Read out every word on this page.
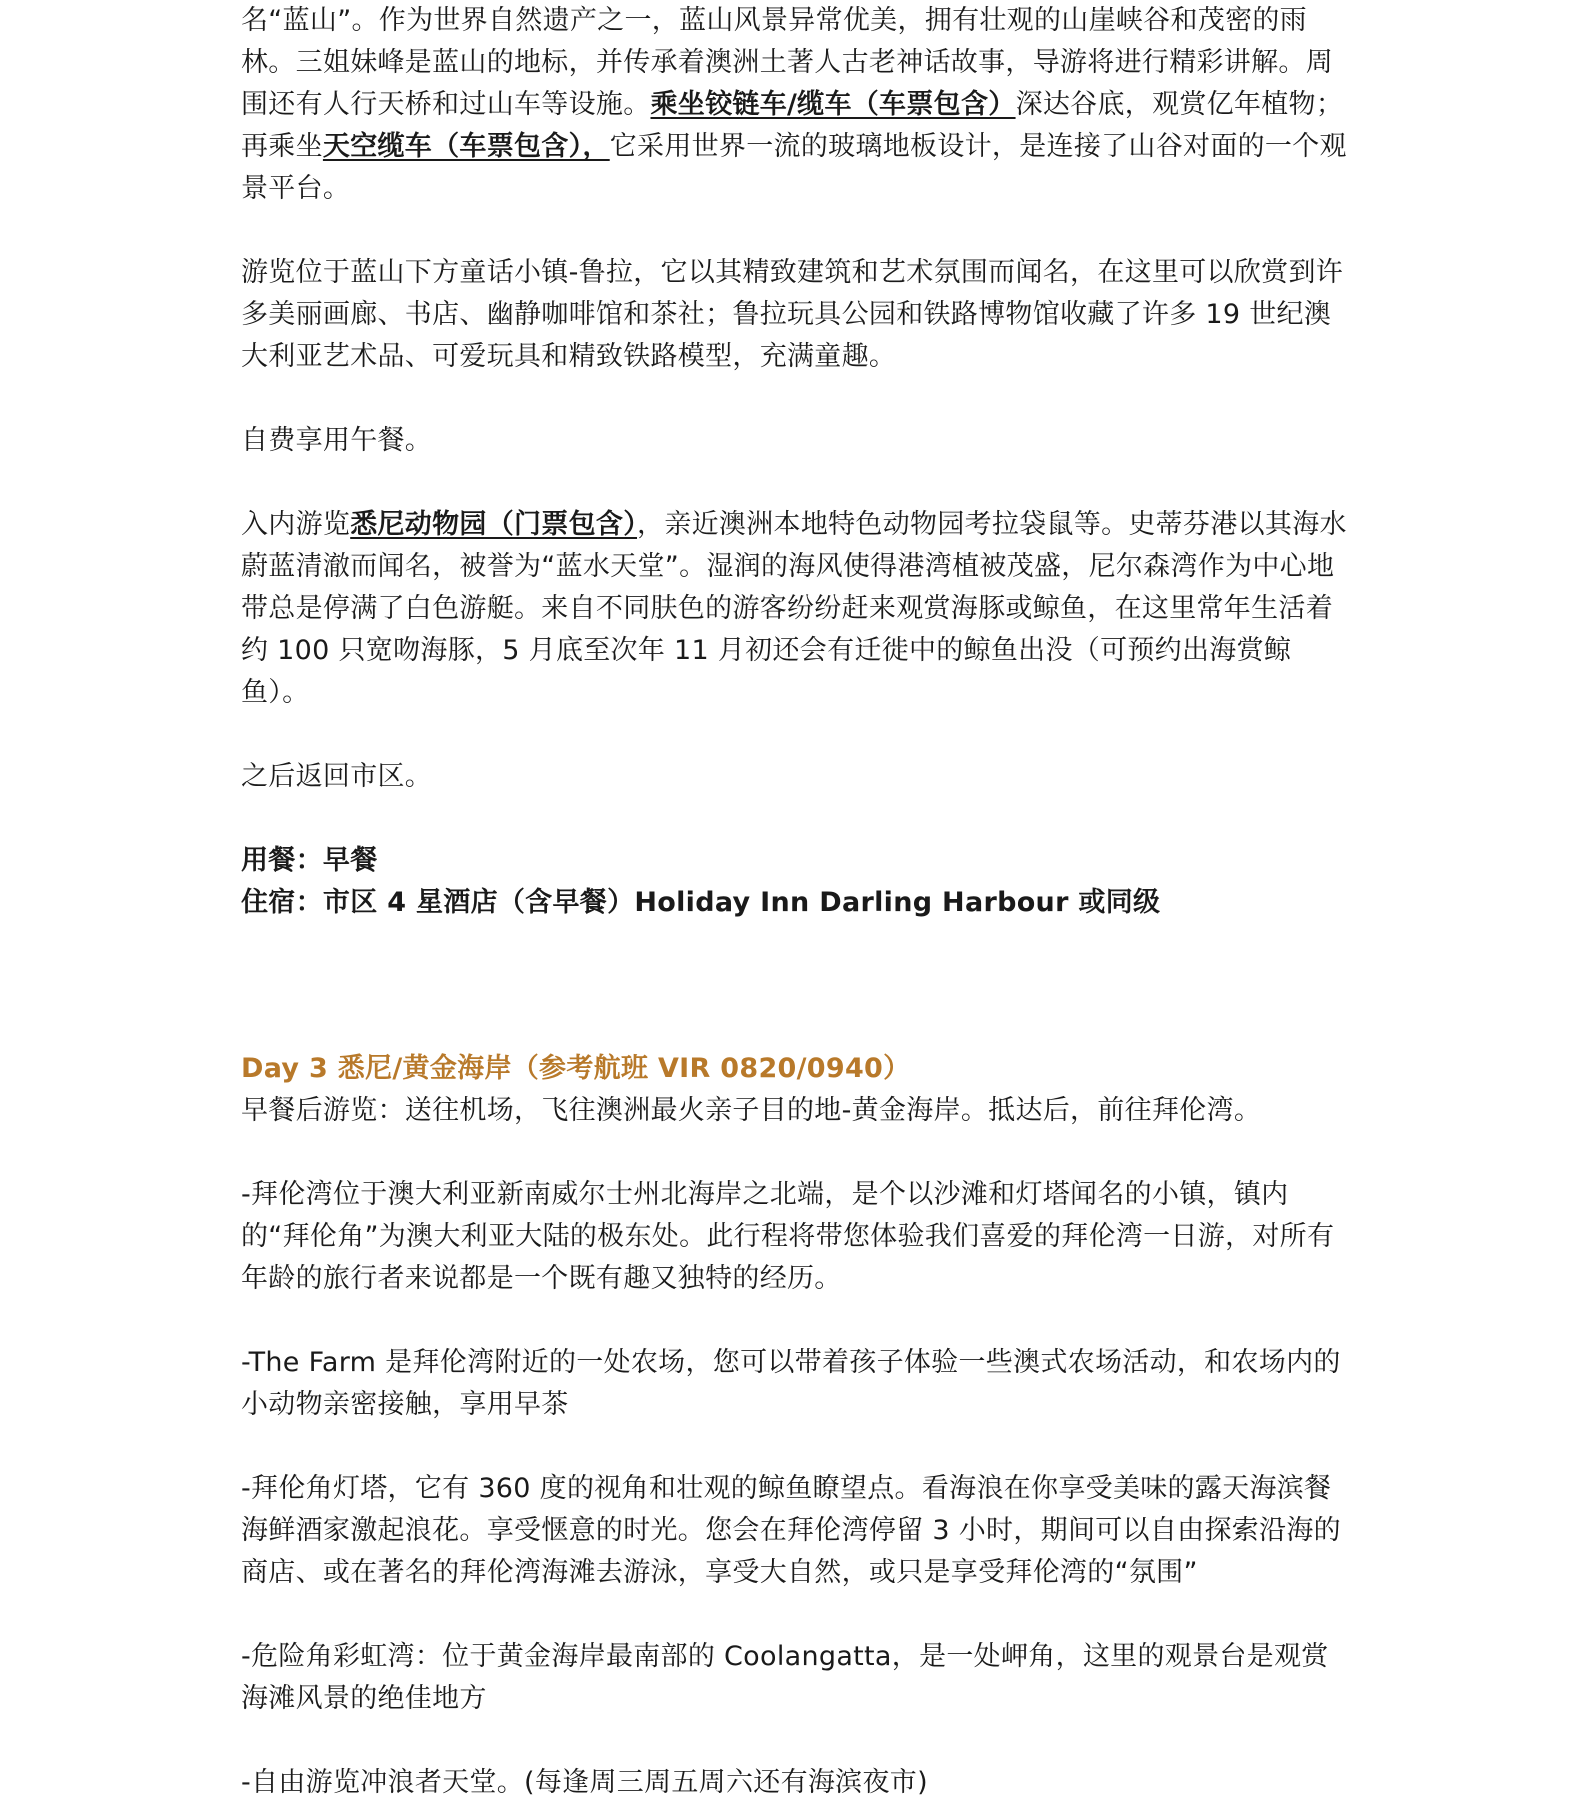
名“蓝山”。作为世界自然遗产之一，蓝山风景异常优美，拥有壮观的山崖峡谷和茂密的雨林。三姐妹峰是蓝山的地标，并传承着澳洲土著人古老神话故事，导游将进行精彩讲解。周围还有人行天桥和过山车等设施。乘坐铰链车/缆车（车票包含）深达谷底，观赏亿年植物；再乘坐天空缆车（车票包含），它采用世界一流的玻璃地板设计，是连接了山谷对面的一个观景平台。

游览位于蓝山下方童话小镇-鲁拉，它以其精致建筑和艺术氛围而闻名，在这里可以欣赏到许多美丽画廊、书店、幽静咖啡馆和茶社；鲁拉玩具公园和铁路博物馆收藏了许多 19 世纪澳大利亚艺术品、可爱玩具和精致铁路模型，充满童趣。

自费享用午餐。

入内游览悉尼动物园（门票包含），亲近澳洲本地特色动物园考拉袋鼠等。史蒂芬港以其海水蔚蓝清澈而闻名，被誉为“蓝水天堂”。湿润的海风使得港湾植被茂盛，尼尔森湾作为中心地带总是停满了白色游艇。来自不同肤色的游客纷纷赶来观赏海豚或鲸鱼，在这里常年生活着约 100 只宽吻海豚，5 月底至次年 11 月初还会有迁徙中的鲸鱼出没（可预约出海赏鲸鱼）。

之后返回市区。

用餐：早餐

住宿：市区 4 星酒店（含早餐）Holiday Inn Darling Harbour 或同级

Day 3 悉尼/黄金海岸（参考航班 VIR 0820/0940）

早餐后游览：送往机场，飞往澳洲最火亲子目的地-黄金海岸。抵达后，前往拜伦湾。

-拜伦湾位于澳大利亚新南威尔士州北海岸之北端，是个以沙滩和灯塔闻名的小镇，镇内的“拜伦角”为澳大利亚大陆的极东处。此行程将带您体验我们喜爱的拜伦湾一日游，对所有年龄的旅行者来说都是一个既有趣又独特的经历。

-The Farm 是拜伦湾附近的一处农场，您可以带着孩子体验一些澳式农场活动，和农场内的小动物亲密接触，享用早茶

-拜伦角灯塔，它有 360 度的视角和壮观的鲸鱼瞭望点。看海浪在你享受美味的露天海滨餐海鲜酒家激起浪花。享受惬意的时光。您会在拜伦湾停留 3 小时，期间可以自由探索沿海的商店、或在著名的拜伦湾海滩去游泳，享受大自然，或只是享受拜伦湾的“氛围”

-危险角彩虹湾：位于黄金海岸最南部的 Coolangatta，是一处岬角，这里的观景台是观赏海滩风景的绝佳地方

-自由游览冲浪者天堂。(每逢周三周五周六还有海滨夜市)
